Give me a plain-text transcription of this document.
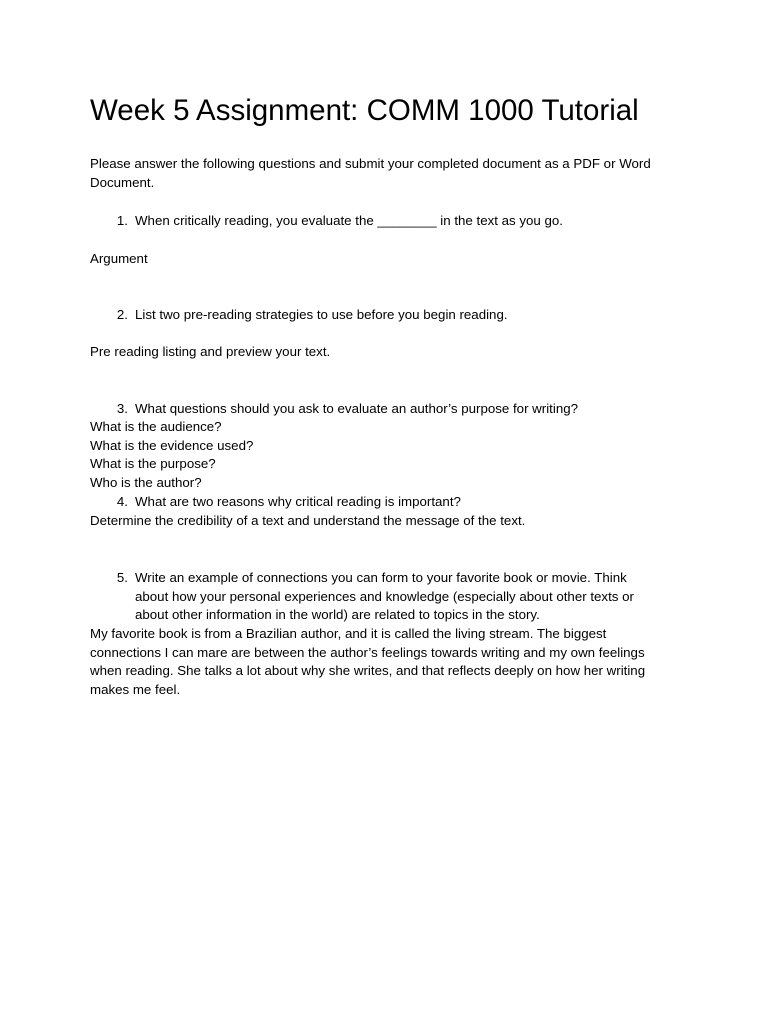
Week 5 Assignment: COMM 1000 Tutorial

Please answer the following questions and submit your completed document as a PDF or Word Document.

1. When critically reading, you evaluate the ________ in the text as you go.

Argument

2. List two pre-reading strategies to use before you begin reading.

Pre reading listing and preview your text.

3. What questions should you ask to evaluate an author’s purpose for writing?
What is the audience?
What is the evidence used?
What is the purpose?
Who is the author?
4. What are two reasons why critical reading is important?

Determine the credibility of a text and understand the message of the text.

5. Write an example of connections you can form to your favorite book or movie. Think about how your personal experiences and knowledge (especially about other texts or about other information in the world) are related to topics in the story.

My favorite book is from a Brazilian author, and it is called the living stream. The biggest connections I can mare are between the author’s feelings towards writing and my own feelings when reading. She talks a lot about why she writes, and that reflects deeply on how her writing makes me feel.
